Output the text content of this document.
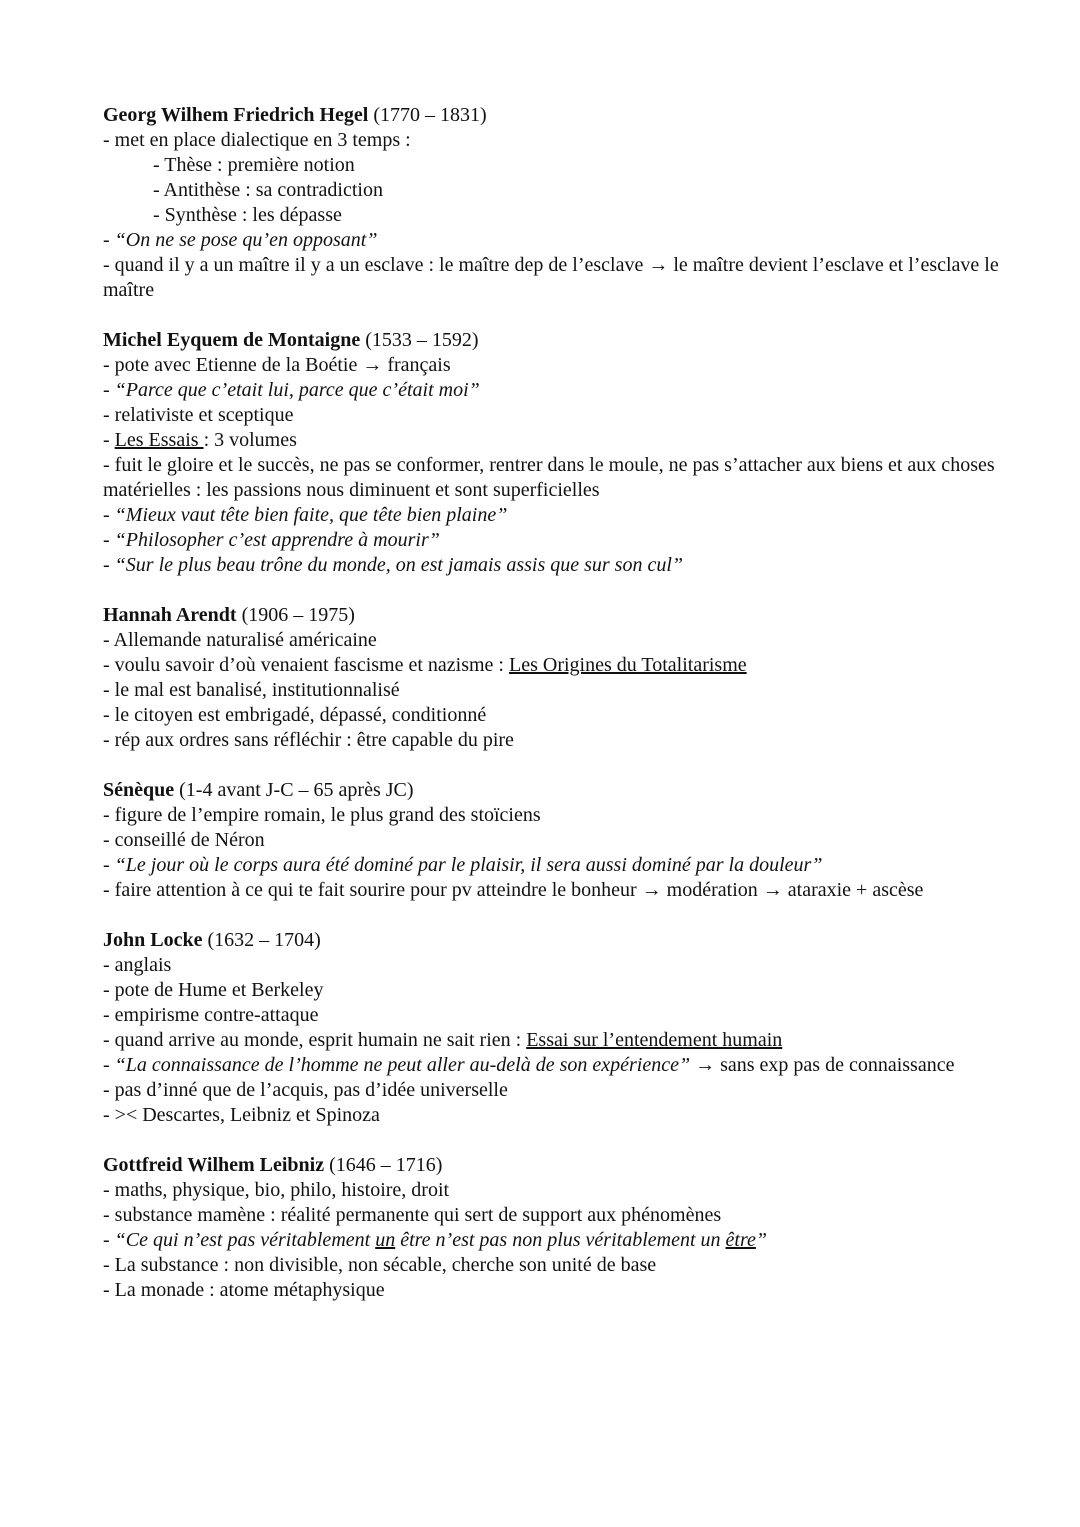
Georg Wilhem Friedrich Hegel (1770 – 1831)
- met en place dialectique en 3 temps :
- Thèse : première notion
- Antithèse : sa contradiction
- Synthèse : les dépasse
- “On ne se pose qu’en opposant”
- quand il y a un maître il y a un esclave : le maître dep de l’esclave → le maître devient l’esclave et l’esclave le maître
Michel Eyquem de Montaigne (1533 – 1592)
- pote avec Etienne de la Boétie → français
- “Parce que c’etait lui, parce que c’était moi”
- relativiste et sceptique
- Les Essais : 3 volumes
- fuit le gloire et le succès, ne pas se conformer, rentrer dans le moule, ne pas s’attacher aux biens et aux choses matérielles : les passions nous diminuent et sont superficielles
- “Mieux vaut tête bien faite, que tête bien plaine”
- “Philosopher c’est apprendre à mourir”
- “Sur le plus beau trône du monde, on est jamais assis que sur son cul”
Hannah Arendt (1906 – 1975)
- Allemande naturalisé américaine
- voulu savoir d’où venaient fascisme et nazisme : Les Origines du Totalitarisme
- le mal est banalisé, institutionnalisé
- le citoyen est embrigadé, dépassé, conditionné
- rép aux ordres sans réfléchir : être capable du pire
Sénèque (1-4 avant J-C – 65 après JC)
- figure de l’empire romain, le plus grand des stoïciens
- conseillé de Néron
- “Le jour où le corps aura été dominé par le plaisir, il sera aussi dominé par la douleur”
- faire attention à ce qui te fait sourire pour pv atteindre le bonheur → modération → ataraxie + ascèse
John Locke (1632 – 1704)
- anglais
- pote de Hume et Berkeley
- empirisme contre-attaque
- quand arrive au monde, esprit humain ne sait rien : Essai sur l’entendement humain
- “La connaissance de l’homme ne peut aller au-delà de son expérience” → sans exp pas de connaissance
- pas d’inné que de l’acquis, pas d’idée universelle
- >< Descartes, Leibniz et Spinoza
Gottfreid Wilhem Leibniz (1646 – 1716)
- maths, physique, bio, philo, histoire, droit
- substance mamène : réalité permanente qui sert de support aux phénomènes
- “Ce qui n’est pas véritablement un être n’est pas non plus véritablement un être”
- La substance : non divisible, non sécable, cherche son unité de base
- La monade : atome métaphysique
